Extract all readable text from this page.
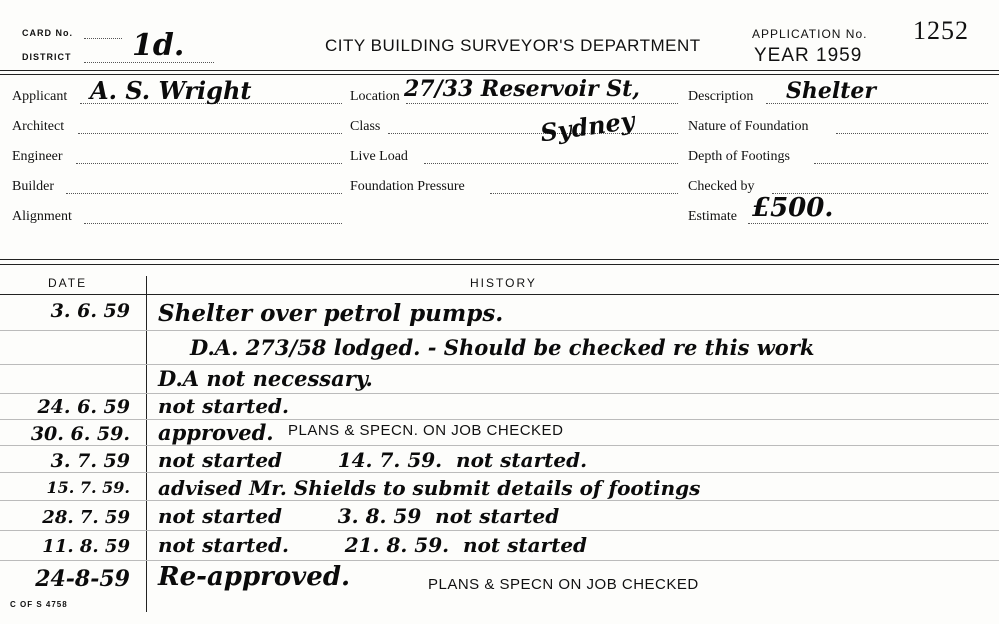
CARD No.
DISTRICT 1d.	CITY BUILDING SURVEYOR'S DEPARTMENT
APPLICATION No. 1252
YEAR 1959
Applicant A. S. Wright
Architect
Engineer
Builder
Alignment
Location 27/33 Reservoir St,
Class	Sydney
Live Load
Foundation Pressure
Description Shelter
Nature of Foundation
Depth of Footings
Checked by
Estimate £500.
DATE	HISTORY
3. 6. 59 Shelter over petrol pumps.
D.A. 273/58 lodged. - Should be checked re this work
D.A not necessary.
24. 6. 59 not started.
30. 6. 59. approved. PLANS & SPECN. ON JOB CHECKED
3. 7. 59 not started        14. 7. 59.  not started.
15. 7. 59. advised Mr. Shields to submit details of footings
28. 7. 59 not started        3. 8. 59  not started
11. 8. 59 not started.        21. 8. 59.  not started
24-8-59 Re-approved.	PLANS & SPECN ON JOB CHECKED
C OF S 4758
